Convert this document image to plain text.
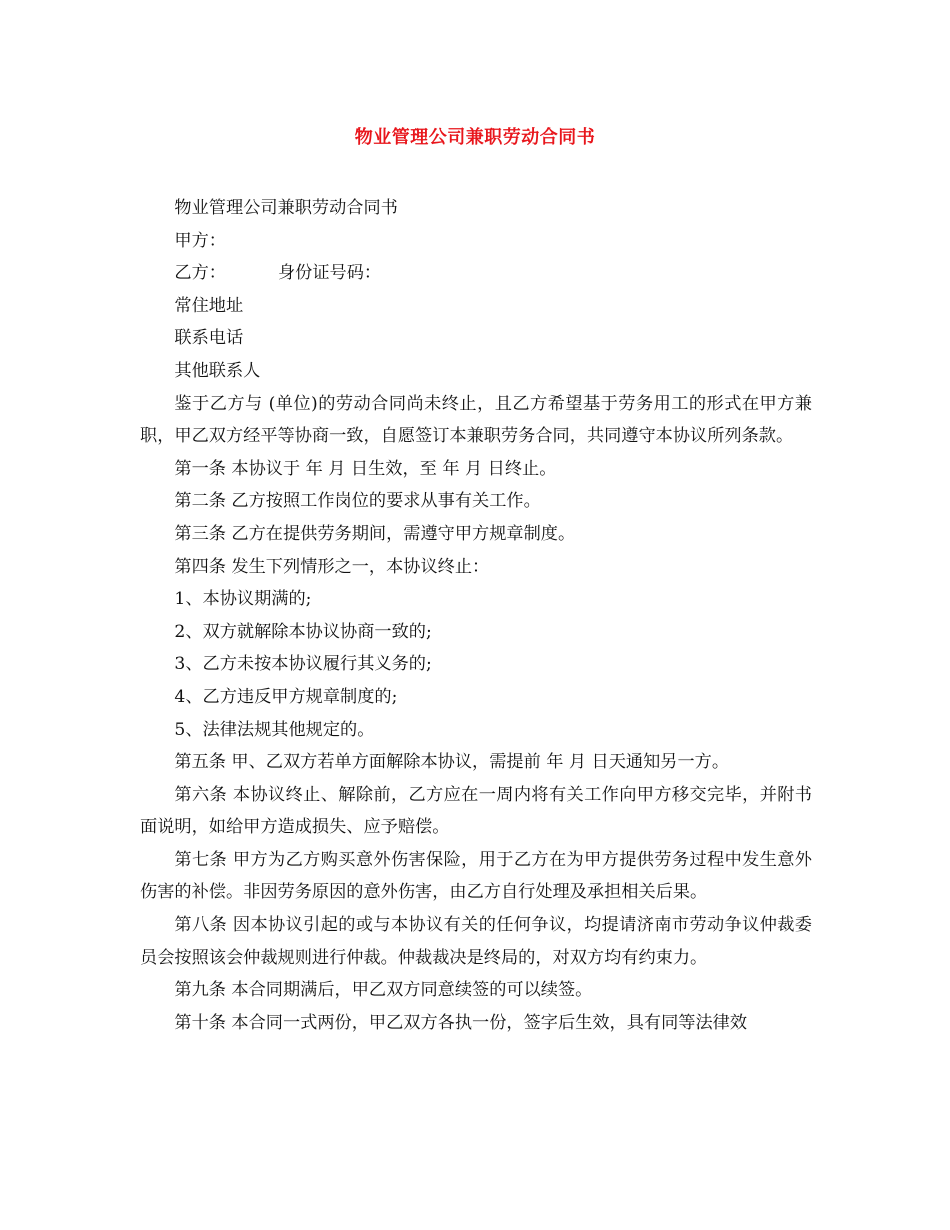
物业管理公司兼职劳动合同书

物业管理公司兼职劳动合同书

甲方：

乙方：	身份证号码：

常住地址

联系电话

其他联系人

鉴于乙方与 (单位)的劳动合同尚未终止，且乙方希望基于劳务用工的形式在甲方兼职，甲乙双方经平等协商一致，自愿签订本兼职劳务合同，共同遵守本协议所列条款。

第一条 本协议于 年 月 日生效，至 年 月 日终止。

第二条 乙方按照工作岗位的要求从事有关工作。

第三条 乙方在提供劳务期间，需遵守甲方规章制度。

第四条 发生下列情形之一，本协议终止：

1、本协议期满的;

2、双方就解除本协议协商一致的;

3、乙方未按本协议履行其义务的;

4、乙方违反甲方规章制度的;

5、法律法规其他规定的。

第五条 甲、乙双方若单方面解除本协议，需提前 年 月 日天通知另一方。

第六条 本协议终止、解除前，乙方应在一周内将有关工作向甲方移交完毕，并附书面说明，如给甲方造成损失、应予赔偿。

第七条 甲方为乙方购买意外伤害保险，用于乙方在为甲方提供劳务过程中发生意外伤害的补偿。非因劳务原因的意外伤害，由乙方自行处理及承担相关后果。

第八条 因本协议引起的或与本协议有关的任何争议，均提请济南市劳动争议仲裁委员会按照该会仲裁规则进行仲裁。仲裁裁决是终局的，对双方均有约束力。

第九条 本合同期满后，甲乙双方同意续签的可以续签。

第十条 本合同一式两份，甲乙双方各执一份，签字后生效，具有同等法律效
